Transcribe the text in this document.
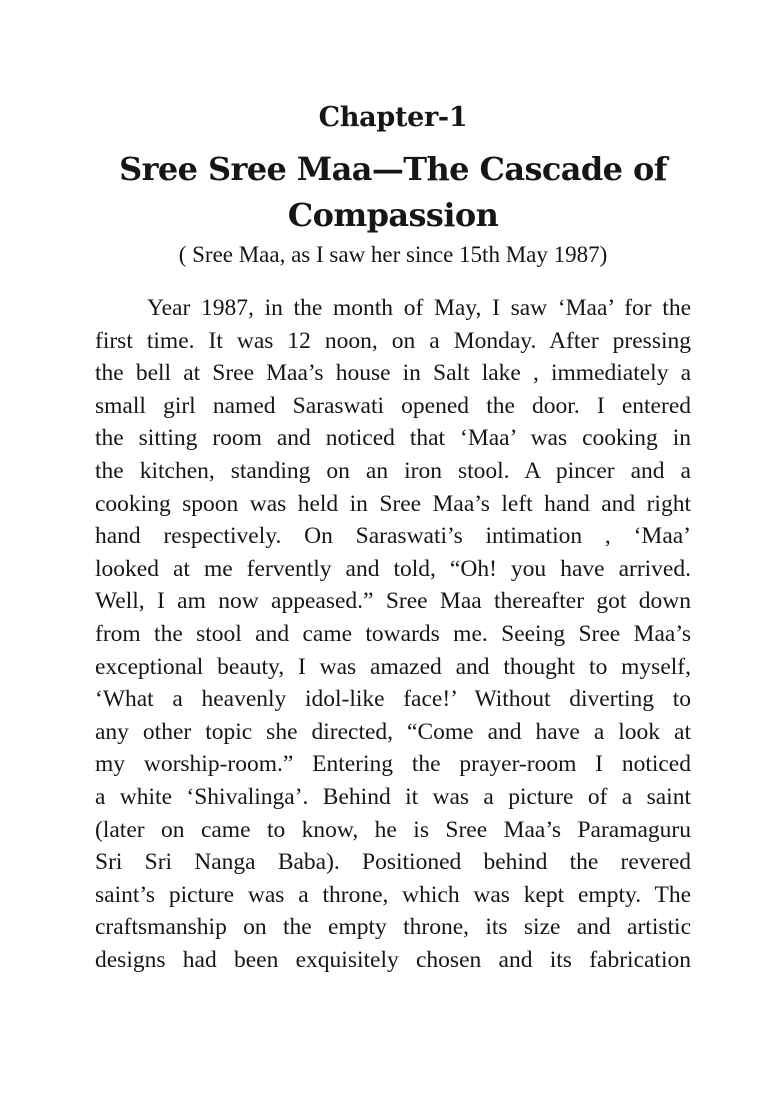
Chapter-1
Sree Sree Maa—The Cascade of
Compassion

( Sree Maa, as I saw her since 15th May 1987)

Year 1987, in the month of May, I saw ‘Maa’ for the
first time. It was 12 noon, on a Monday. After pressing
the bell at Sree Maa’s house in Salt lake , immediately a
small girl named Saraswati opened the door. I entered
the sitting room and noticed that ‘Maa’ was cooking in
the kitchen, standing on an iron stool. A pincer and a
cooking spoon was held in Sree Maa’s left hand and right
hand respectively. On Saraswati’s intimation , ‘Maa’
looked at me fervently and told, “Oh! you have arrived.
Well, I am now appeased.” Sree Maa thereafter got down
from the stool and came towards me. Seeing Sree Maa’s
exceptional beauty, I was amazed and thought to myself,
‘What a heavenly idol-like face!’ Without diverting to
any other topic she directed, “Come and have a look at
my worship-room.” Entering the prayer-room I noticed
a white ‘Shivalinga’. Behind it was a picture of a saint
(later on came to know, he is Sree Maa’s Paramaguru
Sri Sri Nanga Baba). Positioned behind the revered
saint’s picture was a throne, which was kept empty. The
craftsmanship on the empty throne, its size and artistic
designs had been exquisitely chosen and its fabrication
